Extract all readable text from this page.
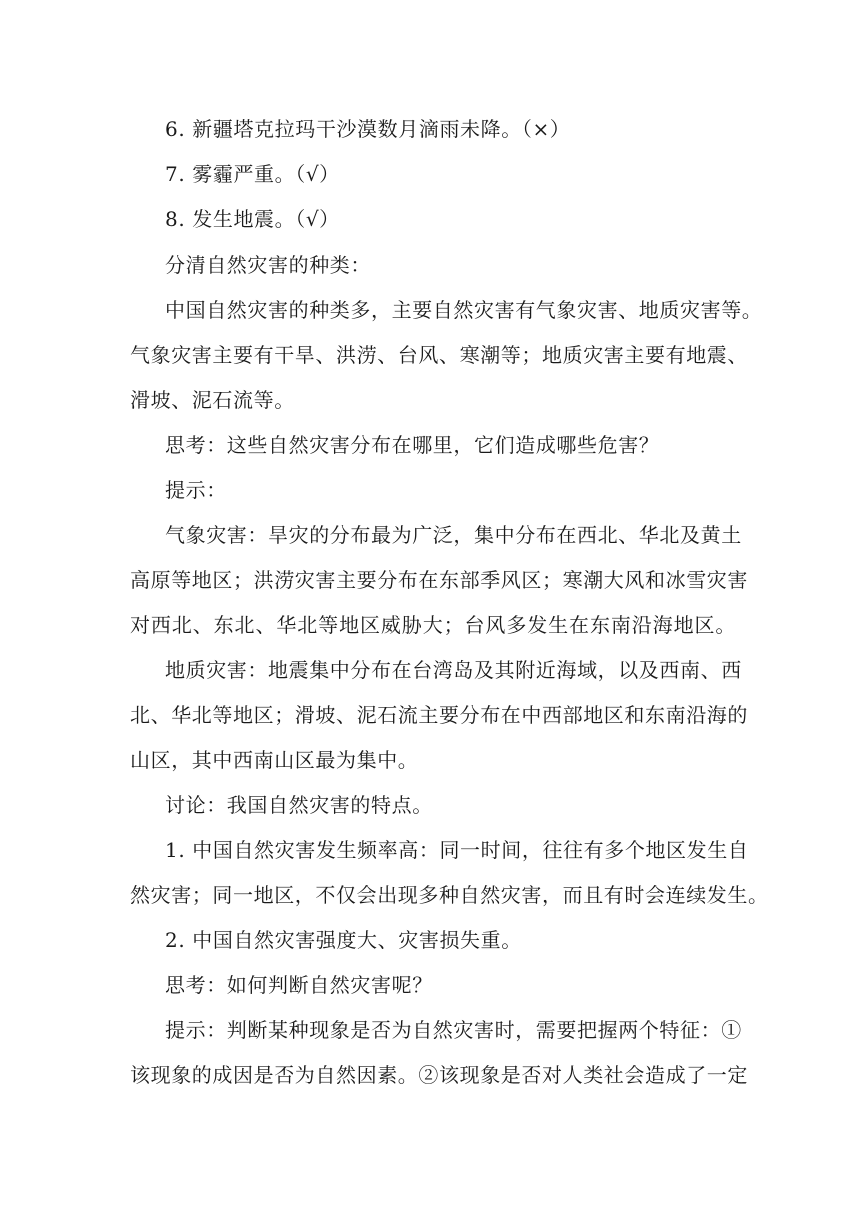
6. 新疆塔克拉玛干沙漠数月滴雨未降。（×）
7. 雾霾严重。（√）
8. 发生地震。（√）
分清自然灾害的种类：
中国自然灾害的种类多，主要自然灾害有气象灾害、地质灾害等。
气象灾害主要有干旱、洪涝、台风、寒潮等；地质灾害主要有地震、
滑坡、泥石流等。
思考：这些自然灾害分布在哪里，它们造成哪些危害？
提示：
气象灾害：旱灾的分布最为广泛，集中分布在西北、华北及黄土
高原等地区；洪涝灾害主要分布在东部季风区；寒潮大风和冰雪灾害
对西北、东北、华北等地区威胁大；台风多发生在东南沿海地区。
地质灾害：地震集中分布在台湾岛及其附近海域，以及西南、西
北、华北等地区；滑坡、泥石流主要分布在中西部地区和东南沿海的
山区，其中西南山区最为集中。
讨论：我国自然灾害的特点。
1. 中国自然灾害发生频率高：同一时间，往往有多个地区发生自
然灾害；同一地区，不仅会出现多种自然灾害，而且有时会连续发生。
2. 中国自然灾害强度大、灾害损失重。
思考：如何判断自然灾害呢？
提示：判断某种现象是否为自然灾害时，需要把握两个特征：①
该现象的成因是否为自然因素。②该现象是否对人类社会造成了一定
